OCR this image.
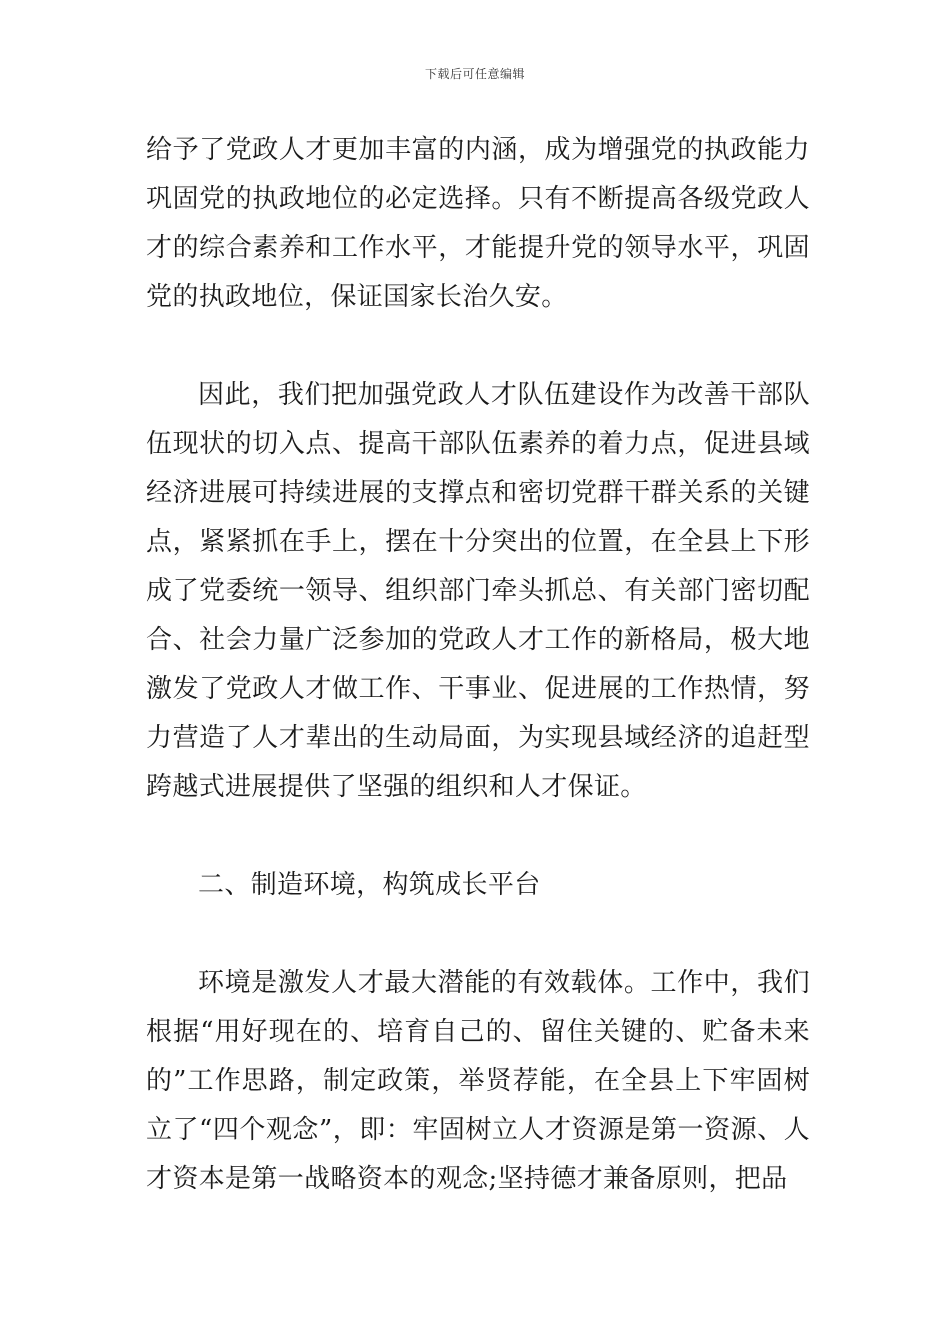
下载后可任意编辑

给予了党政人才更加丰富的内涵，成为增强党的执政能力巩固党的执政地位的必定选择。只有不断提高各级党政人才的综合素养和工作水平，才能提升党的领导水平，巩固党的执政地位，保证国家长治久安。

因此，我们把加强党政人才队伍建设作为改善干部队伍现状的切入点、提高干部队伍素养的着力点，促进县域经济进展可持续进展的支撑点和密切党群干群关系的关键点，紧紧抓在手上，摆在十分突出的位置，在全县上下形成了党委统一领导、组织部门牵头抓总、有关部门密切配合、社会力量广泛参加的党政人才工作的新格局，极大地激发了党政人才做工作、干事业、促进展的工作热情，努力营造了人才辈出的生动局面，为实现县域经济的追赶型跨越式进展提供了坚强的组织和人才保证。

二、制造环境，构筑成长平台

环境是激发人才最大潜能的有效载体。工作中，我们根据“用好现在的、培育自己的、留住关键的、贮备未来的”工作思路，制定政策，举贤荐能，在全县上下牢固树立了“四个观念”，即：牢固树立人才资源是第一资源、人才资本是第一战略资本的观念;坚持德才兼备原则，把品
